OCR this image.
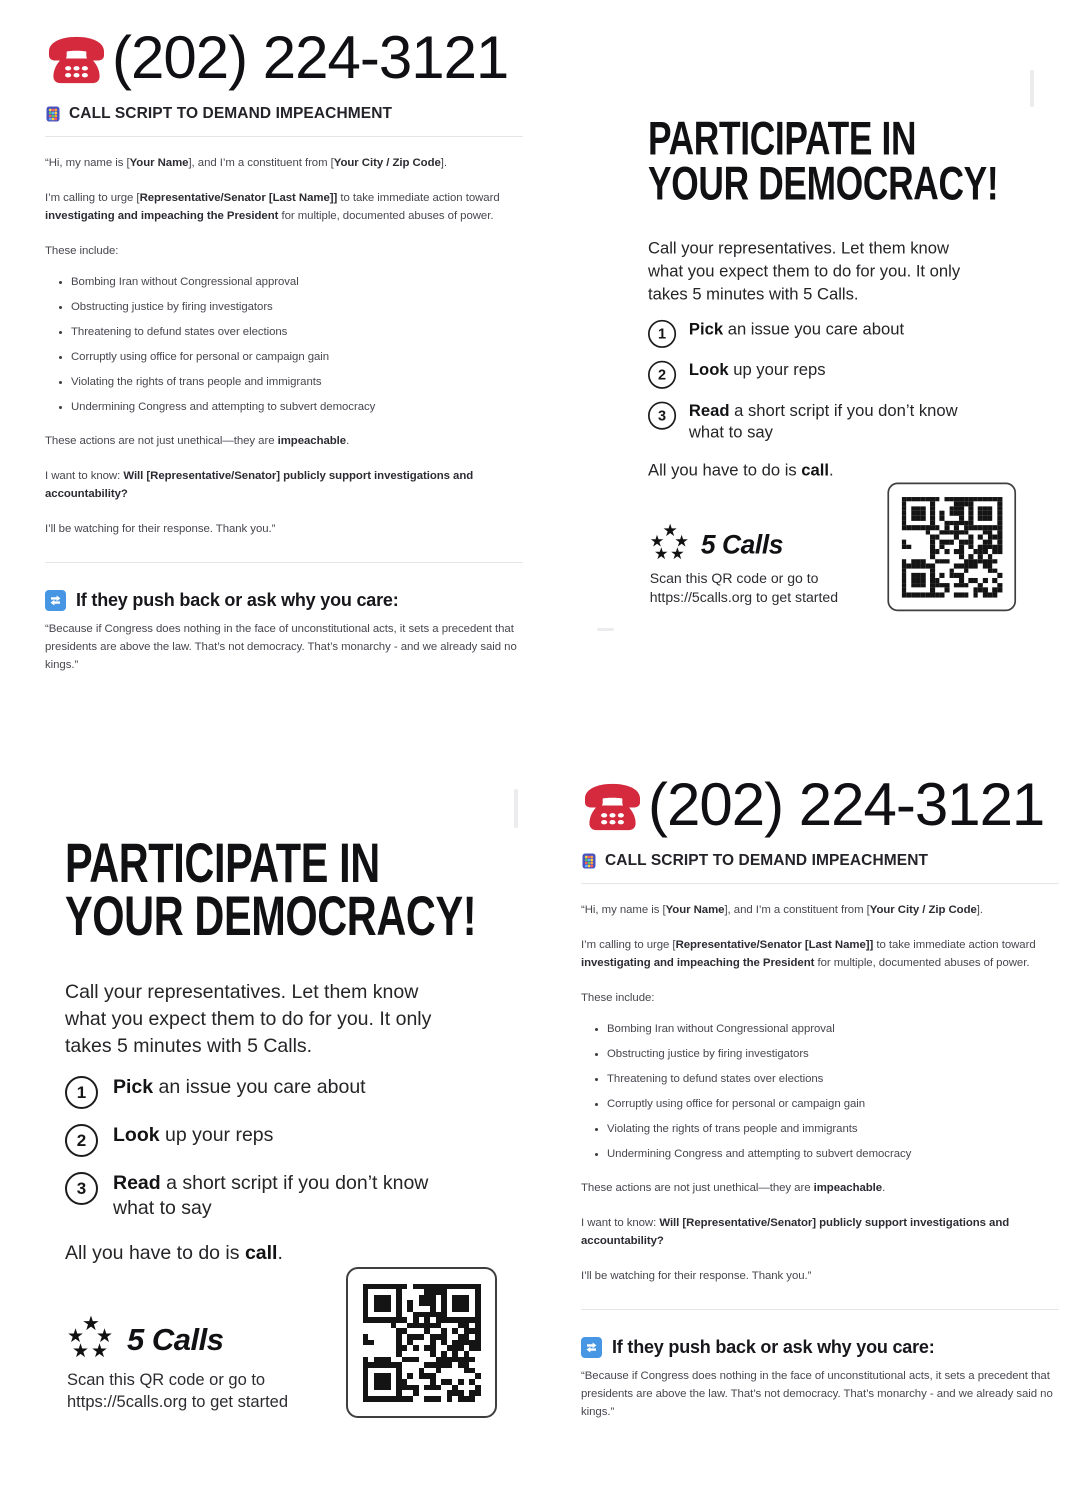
(202) 224-3121
CALL SCRIPT TO DEMAND IMPEACHMENT

“Hi, my name is [Your Name], and I’m a constituent from [Your City / Zip Code].

I’m calling to urge [Representative/Senator [Last Name]] to take immediate action toward investigating and impeaching the President for multiple, documented abuses of power.

These include:

• Bombing Iran without Congressional approval
• Obstructing justice by firing investigators
• Threatening to defund states over elections
• Corruptly using office for personal or campaign gain
• Violating the rights of trans people and immigrants
• Undermining Congress and attempting to subvert democracy

These actions are not just unethical—they are impeachable.

I want to know: Will [Representative/Senator] publicly support investigations and accountability?

I’ll be watching for their response. Thank you.”

If they push back or ask why you care:

“Because if Congress does nothing in the face of unconstitutional acts, it sets a precedent that presidents are above the law. That’s not democracy. That’s monarchy - and we already said no kings.”

PARTICIPATE IN
YOUR DEMOCRACY!
Call your representatives. Let them know what you expect them to do for you. It only takes 5 minutes with 5 Calls.
1	Pick an issue you care about
2	Look up your reps
3	Read a short script if you don’t know what to say
All you have to do is call.
★
★ ★
★ ★ 5 Calls
Scan this QR code or go to
https://5calls.org to get started
PARTICIPATE IN
YOUR DEMOCRACY!
Call your representatives. Let them know what you expect them to do for you. It only takes 5 minutes with 5 Calls.
1	Pick an issue you care about
2	Look up your reps
3	Read a short script if you don’t know what to say
All you have to do is call.
★
★ ★
★ ★ 5 Calls
Scan this QR code or go to
https://5calls.org to get started
(202) 224-3121
CALL SCRIPT TO DEMAND IMPEACHMENT

“Hi, my name is [Your Name], and I’m a constituent from [Your City / Zip Code].

I’m calling to urge [Representative/Senator [Last Name]] to take immediate action toward investigating and impeaching the President for multiple, documented abuses of power.

These include:

• Bombing Iran without Congressional approval
• Obstructing justice by firing investigators
• Threatening to defund states over elections
• Corruptly using office for personal or campaign gain
• Violating the rights of trans people and immigrants
• Undermining Congress and attempting to subvert democracy

These actions are not just unethical—they are impeachable.

I want to know: Will [Representative/Senator] publicly support investigations and accountability?

I’ll be watching for their response. Thank you.”

If they push back or ask why you care:

“Because if Congress does nothing in the face of unconstitutional acts, it sets a precedent that presidents are above the law. That’s not democracy. That’s monarchy - and we already said no kings.”
